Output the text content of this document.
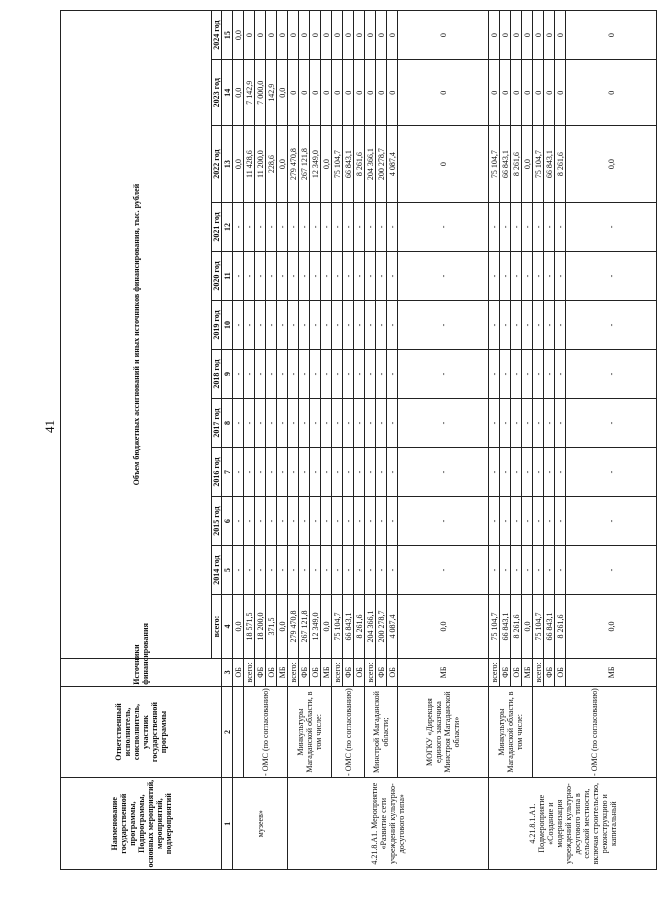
41
Наименование государственной программы, Подпрограммы, основных мероприятий, мероприятий, подмероприятий	Ответственный исполнитель, соисполнитель, участник государственной программы	Источники финансирования	Объем бюджетных ассигнований и иных источников финансирования, тыс. рублей											
			всего:	2014 год	2015 год	2016 год	2017 год	2018 год	2019 год	2020 год	2021 год	2022 год	2023 год	2024 год
1	2	3	4	5	6	7	8	9	10	11	12	13	14	15
музеев»		ОБ	0,0	-	-	-	-	-	-	-	-	0,0	0,0	0,0
	- ОМС (по согласованию)	всего:	18 571,5	-	-	-	-	-	-	-	-	11 428,6	7 142,9	0
		ФБ	18 200,0	-	-	-	-	-	-	-	-	11 200,0	7 000,0	0
		ОБ	371,5	-	-	-	-	-	-	-	-	228,6	142,9	0
		МБ	0,0	-	-	-	-	-	-	-	-	0,0	0,0	0
4.21.8.А1. Мероприятие «Развитие сети учреждений культурно-досугового типа»	Минкультуры Магаданской области, в том числе:	всего:	279 470,8	-	-	-	-	-	-	-	-	279 470,8	0	0
		ФБ	267 121,8	-	-	-	-	-	-	-	-	267 121,8	0	0
		ОБ	12 349,0	-	-	-	-	-	-	-	-	12 349,0	0	0
		МБ	0,0	-	-	-	-	-	-	-	-	0,0	0	0
	- ОМС (по согласованию)	всего:	75 104,7	-	-	-	-	-	-	-	-	75 104,7	0	0
		ФБ	66 843,1	-	-	-	-	-	-	-	-	66 843,1	0	0
		ОБ	8 261,6	-	-	-	-	-	-	-	-	8 261,6	0	0
	Минстрой Магаданской области;	всего:	204 366,1	-	-	-	-	-	-	-	-	204 366,1	0	0
		ФБ	200 278,7	-	-	-	-	-	-	-	-	200 278,7	0	0
		ОБ	4 087,4	-	-	-	-	-	-	-	-	4 087,4	0	0
	МОГКУ «Дирекция единого заказчика Минстроя Магаданской области»	МБ	0,0	-	-	-	-	-	-	-	-	0	0	0
4.21.8.1.А1. Подмероприятие «Создание и модернизация учреждений культурно-досугового типа в сельской местности, включая строительство, реконструкцию и капитальный	Минкультуры Магаданской области, в том числе:	всего:	75 104,7	-	-	-	-	-	-	-	-	75 104,7	0	0
		ФБ	66 843,1	-	-	-	-	-	-	-	-	66 843,1	0	0
		ОБ	8 261,6	-	-	-	-	-	-	-	-	8 261,6	0	0
		МБ	0,0	-	-	-	-	-	-	-	-	0,0	0	0
	- ОМС (по согласованию)	всего:	75 104,7	-	-	-	-	-	-	-	-	75 104,7	0	0
		ФБ	66 843,1	-	-	-	-	-	-	-	-	66 843,1	0	0
		ОБ	8 261,6	-	-	-	-	-	-	-	-	8 261,6	0	0
		МБ	0,0	-	-	-	-	-	-	-	-	0,0	0	0
